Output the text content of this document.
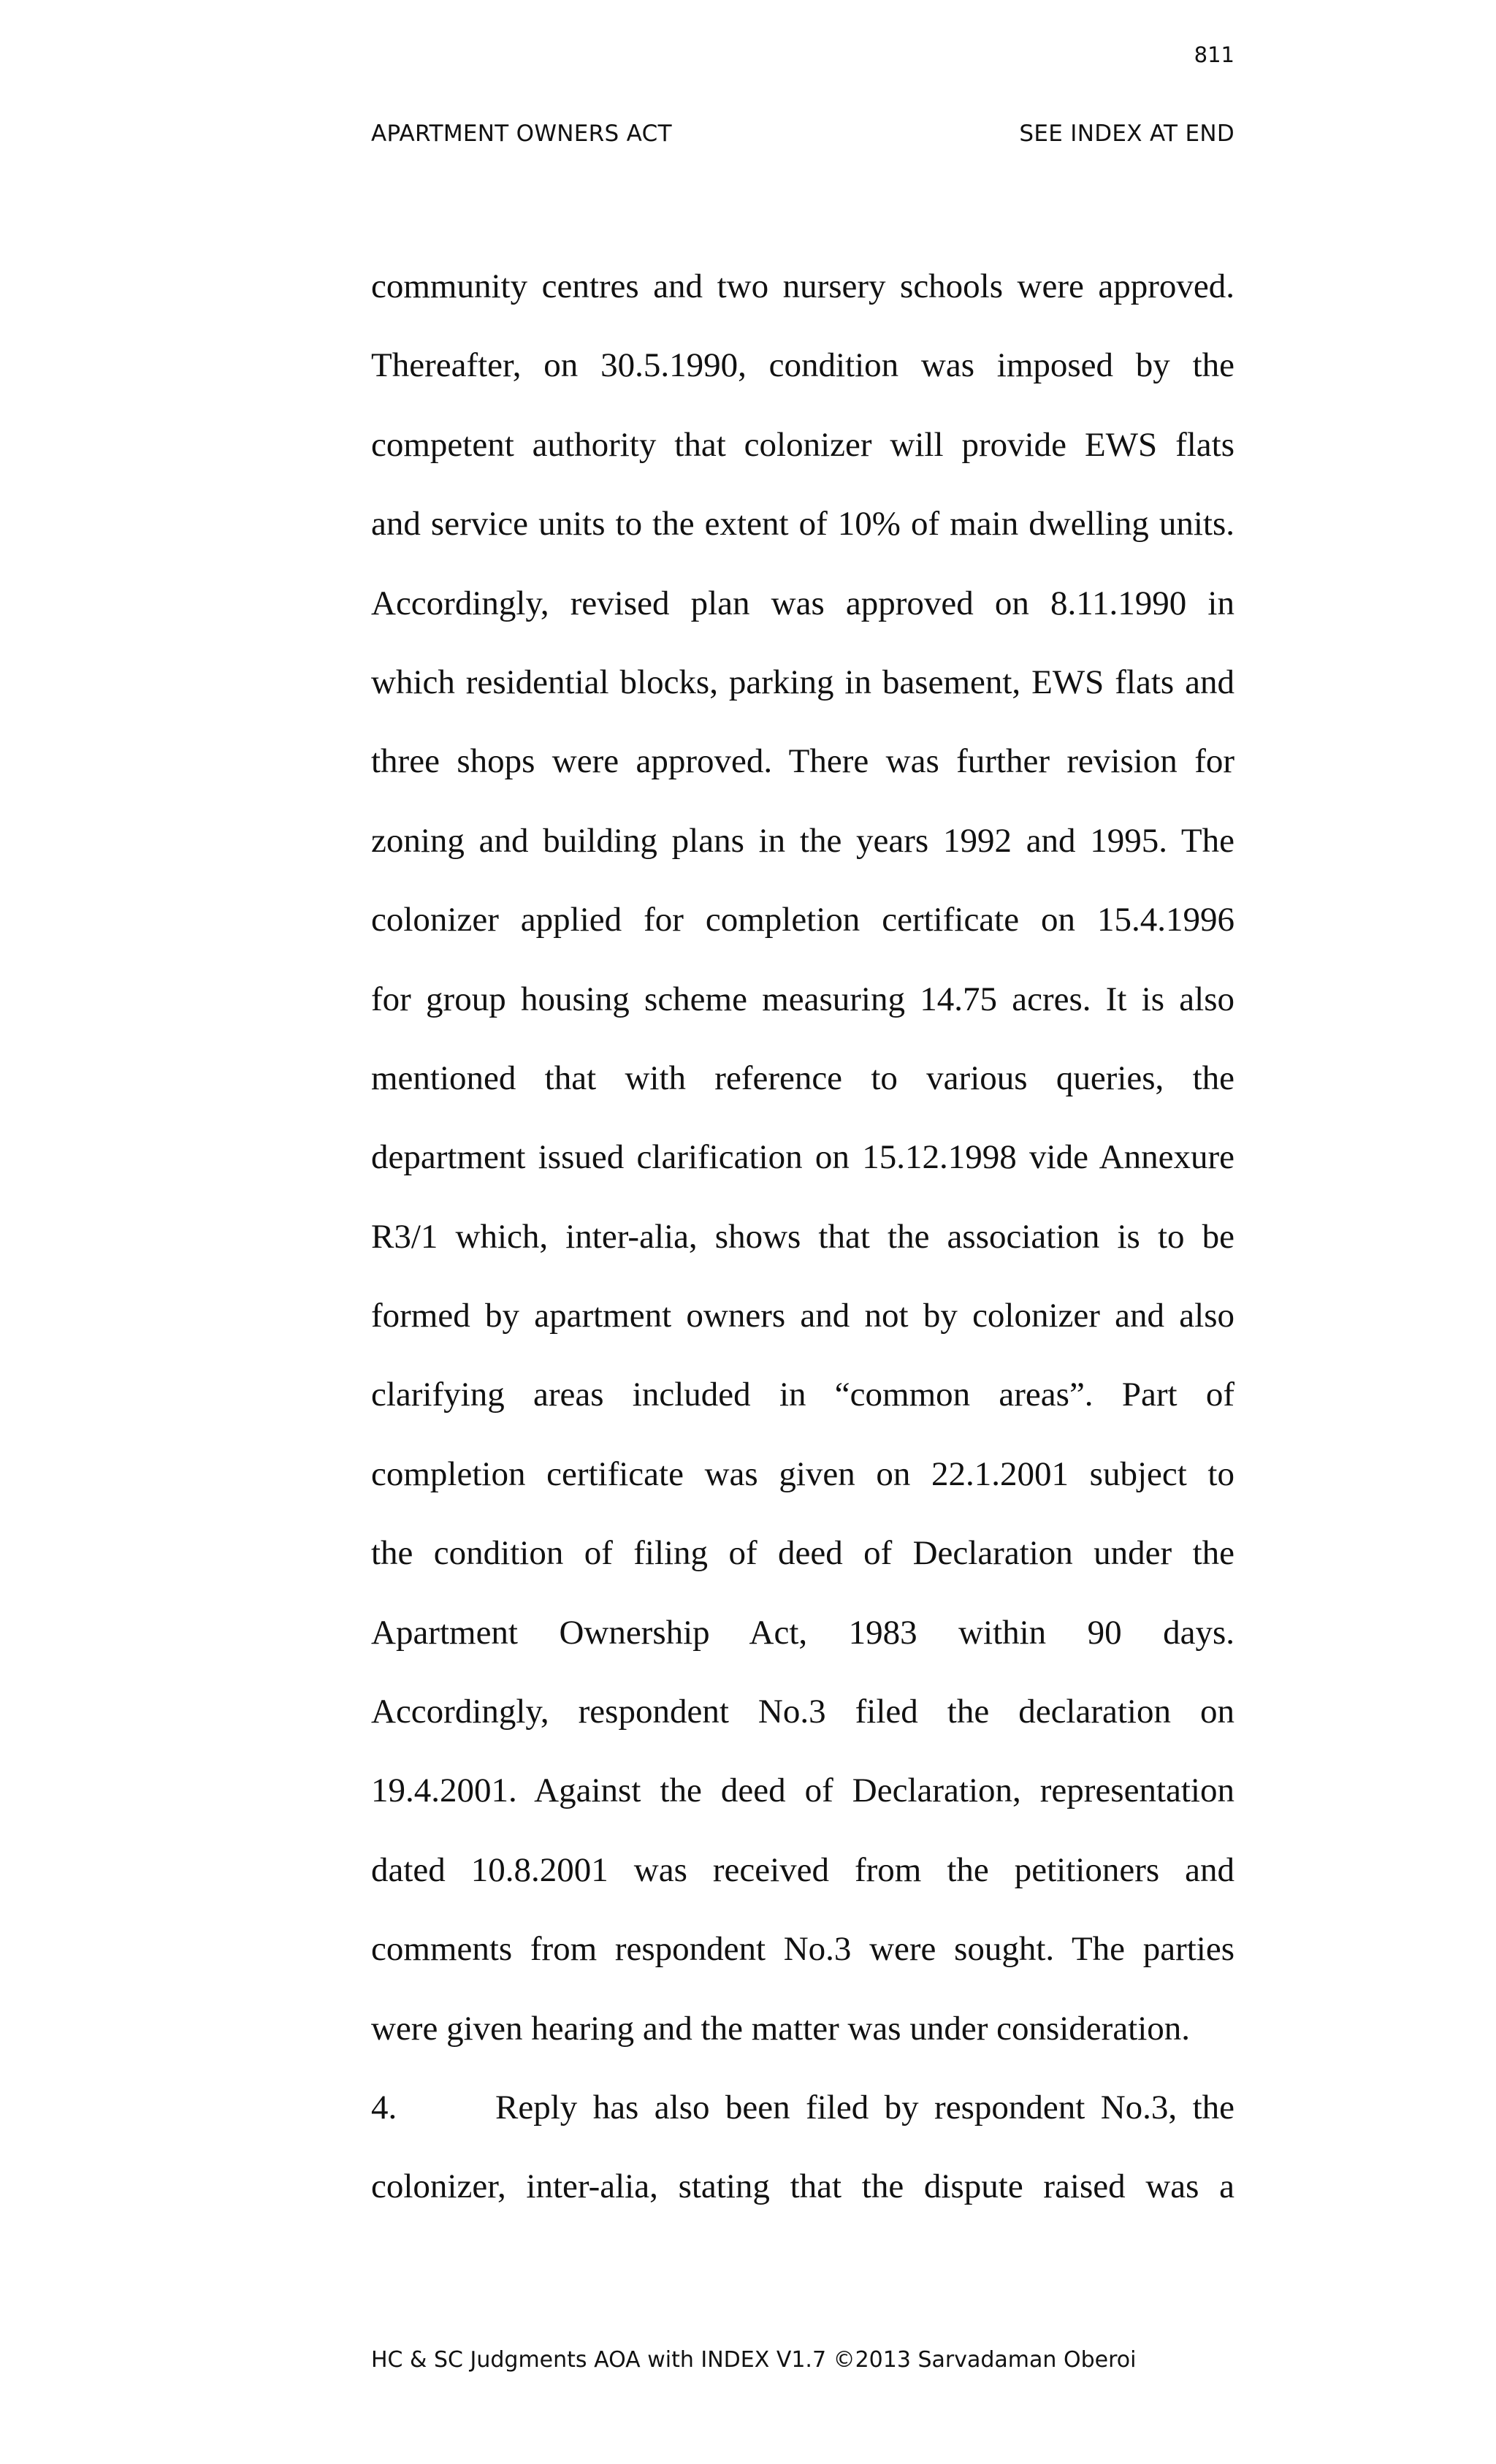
811
APARTMENT OWNERS ACT	SEE INDEX AT END
community centres and two nursery schools were approved.
Thereafter, on 30.5.1990, condition was imposed by the
competent authority that colonizer will provide EWS flats
and service units to the extent of 10% of main dwelling units.
Accordingly, revised plan was approved on 8.11.1990 in
which residential blocks, parking in basement, EWS flats and
three shops were approved. There was further revision for
zoning and building plans in the years 1992 and 1995. The
colonizer applied for completion certificate on 15.4.1996
for group housing scheme measuring 14.75 acres. It is also
mentioned that with reference to various queries, the
department issued clarification on 15.12.1998 vide Annexure
R3/1 which, inter-alia, shows that the association is to be
formed by apartment owners and not by colonizer and also
clarifying areas included in “common areas”. Part of
completion certificate was given on 22.1.2001 subject to
the condition of filing of deed of Declaration under the
Apartment Ownership Act, 1983 within 90 days.
Accordingly, respondent No.3 filed the declaration on
19.4.2001. Against the deed of Declaration, representation
dated 10.8.2001 was received from the petitioners and
comments from respondent No.3 were sought. The parties
were given hearing and the matter was under consideration.
4.	Reply has also been filed by respondent No.3, the
colonizer, inter-alia, stating that the dispute raised was a
HC & SC Judgments AOA with INDEX V1.7 ©2013 Sarvadaman Oberoi
